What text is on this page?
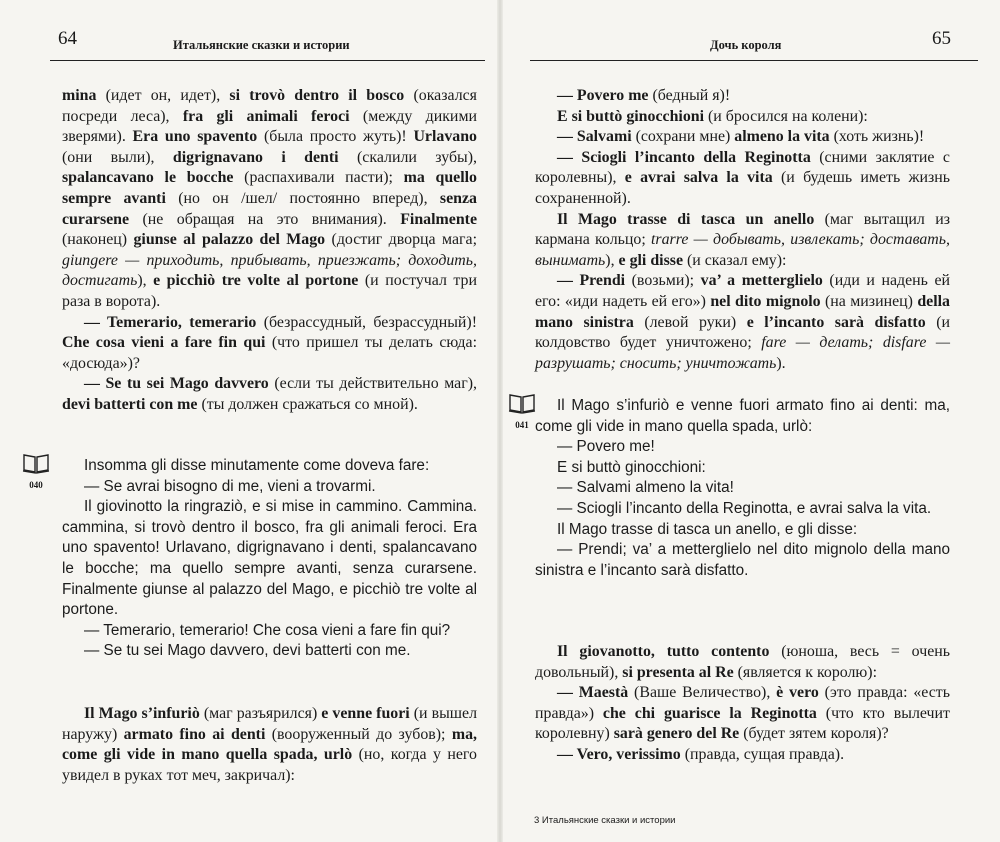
64	Итальянские сказки и истории

mina (идет он, идет), si trovò dentro il bosco (оказался посреди леса), fra gli animali feroci (между дикими зверями). Era uno spavento (была просто жуть)! Urlavano (они выли), digrignavano i denti (скалили зубы), spalancavano le bocche (распахивали пасти); ma quello sempre avanti (но он /шел/ постоянно вперед), senza curarsene (не обращая на это внимания). Finalmente (наконец) giunse al palazzo del Mago (достиг дворца мага; giungere — приходить, прибывать, приезжать; доходить, достигать), e picchiò tre volte al portone (и постучал три раза в ворота).

— Temerario, temerario (безрассудный, безрассудный)! Che cosa vieni a fare fin qui (что пришел ты делать сюда: «досюда»)?

— Se tu sei Mago davvero (если ты действительно маг), devi batterti con me (ты должен сражаться со мной).

040

Insomma gli disse minutamente come doveva fare:

— Se avrai bisogno di me, vieni a trovarmi.

Il giovinotto la ringraziò, e si mise in cammino. Cammina. cammina, si trovò dentro il bosco, fra gli animali feroci. Era uno spavento! Urlavano, digrignavano i denti, spalancavano le bocche; ma quello sempre avanti, senza curarsene. Finalmente giunse al palazzo del Mago, e picchiò tre volte al portone.

— Temerario, temerario! Che cosa vieni a fare fin qui?

— Se tu sei Mago davvero, devi batterti con me.

Il Mago s’infuriò (маг разъярился) e venne fuori (и вышел наружу) armato fino ai denti (вооруженный до зубов); ma, come gli vide in mano quella spada, urlò (но, когда у него увидел в руках тот меч, закричал):

Дочь короля	65

— Povero me (бедный я)!

E si buttò ginocchioni (и бросился на колени):

— Salvami (сохрани мне) almeno la vita (хоть жизнь)!

— Sciogli l’incanto della Reginotta (сними заклятие с королевны), e avrai salva la vita (и будешь иметь жизнь сохраненной).

Il Mago trasse di tasca un anello (маг вытащил из кармана кольцо; trarre — добывать, извлекать; доставать, вынимать), e gli disse (и сказал ему):

— Prendi (возьми); va’ a metterglielo (иди и надень ей его: «иди надеть ей его») nel dito mignolo (на мизинец) della mano sinistra (левой руки) e l’incanto sarà disfatto (и колдовство будет уничтожено; fare — делать; disfare — разрушать; сносить; уничтожать).

041

Il Mago s’infuriò e venne fuori armato fino ai denti: ma, come gli vide in mano quella spada, urlò:

— Povero me!

E si buttò ginocchioni:

— Salvami almeno la vita!

— Sciogli l’incanto della Reginotta, e avrai salva la vita.

Il Mago trasse di tasca un anello, e gli disse:

— Prendi; va’ a metterglielo nel dito mignolo della mano sinistra e l’incanto sarà disfatto.

Il giovanotto, tutto contento (юноша, весь = очень довольный), si presenta al Re (является к королю):

— Maestà (Ваше Величество), è vero (это правда: «есть правда») che chi guarisce la Reginotta (что кто вылечит королевну) sarà genero del Re (будет зятем короля)?

— Vero, verissimo (правда, сущая правда).

3 Итальянские сказки и истории
